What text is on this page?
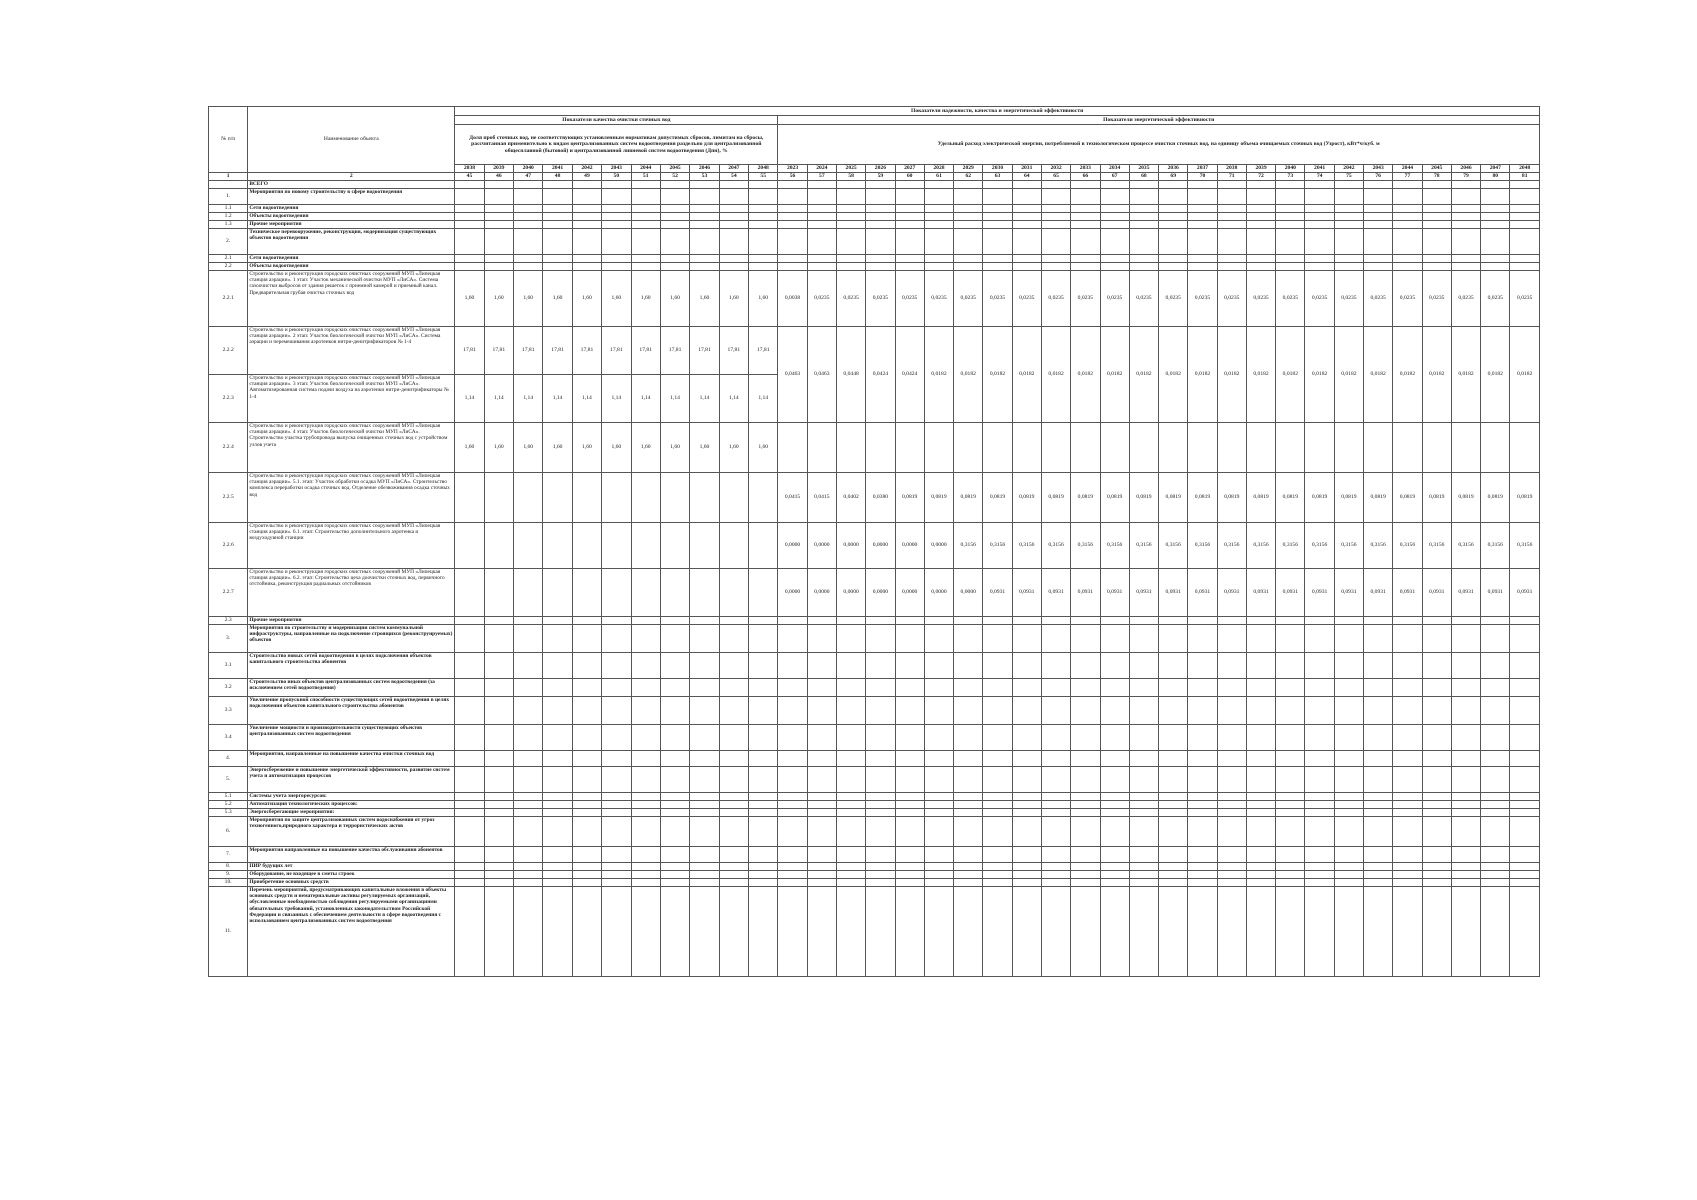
№ п/п	Наименование объекта	Показатели надежности, качества и энергетической эффективности																																				
		Показатели качества очистки сточных вод											Показатели энергетической эффективности																									
		Доля проб сточных вод, не соответствующих установленным нормативам допустимых сбросов, лимитам на сбросы, рассчитанная применительно к видам централизованных систем водоотведения раздельно для централизованной общесплавной (бытовой) и централизованной ливневой систем водоотведения (Дпн), %											Удельный расход электрической энергии, потребляемой в технологическом процессе очистки сточных вод, на единицу объема очищаемых сточных вод (Узрост), кВт*ч/куб. м																									
		2038	2039	2040	2041	2042	2043	2044	2045	2046	2047	2048	2023	2024	2025	2026	2027	2028	2029	2030	2031	2032	2033	2034	2035	2036	2037	2038	2039	2040	2041	2042	2043	2044	2045	2046	2047	2048
1	2	45	46	47	48	49	50	51	52	53	54	55	56	57	58	59	60	61	62	63	64	65	66	67	68	69	70	71	72	73	74	75	76	77	78	79	80	81
	ВСЕГО																																					
1.	Мероприятия по новому строительству в сфере водоотведения																																					
1.1	Сети водоотведения																																					
1.2	Объекты водоотведения																																					
1.3	Прочие мероприятия																																					
2.	Техническое перевооружение, реконструкция, модернизация существующих объектов водоотведения																																					
2.1	Сети водоотведения																																					
2.2	Объекты водоотведения																																					
2.2.1	Строительство и реконструкция городских очистных сооружений МУП «Липецкая станция аэрации». 1 этап: Участок механической очистки МУП «ЛиСА». Система газоочистки выбросов от здания решеток с приемной камерой и приемный канал. Предварительная грубая очистка сточных вод	1,60	1,60	1,60	1,60	1,60	1,60	1,60	1,60	1,60	1,60	1,60	0,0038	0,0235	0,0235	0,0235	0,0235	0,0235	0,0235	0,0235	0,0235	0,0235	0,0235	0,0235	0,0235	0,0235	0,0235	0,0235	0,0235	0,0235	0,0235	0,0235	0,0235	0,0235	0,0235	0,0235	0,0235	0,0235
2.2.2	Строительство и реконструкция городских очистных сооружений МУП «Липецкая станция аэрации». 2 этап: Участок биологической очистки МУП «ЛиСА». Система аэрации и перемешивания аэротенков нитри-денитрификаторов № 1-4	17,81	17,81	17,81	17,81	17,81	17,81	17,81	17,81	17,81	17,81	17,81	0,0463	0,0463	0,0448	0,0424	0,0424	0,0182	0,0182	0,0182	0,0182	0,0182	0,0182	0,0182	0,0182	0,0182	0,0182	0,0182	0,0182	0,0182	0,0182	0,0182	0,0182	0,0182	0,0182	0,0182	0,0182	0,0182
2.2.3	Строительство и реконструкция городских очистных сооружений МУП «Липецкая станция аэрации». 3 этап: Участок биологической очистки МУП «ЛиСА». Автоматизированная система подачи воздуха на аэротенки нитри-денитрификаторы № 1-4	1,14	1,14	1,14	1,14	1,14	1,14	1,14	1,14	1,14	1,14	1,14																										
2.2.4	Строительство и реконструкция городских очистных сооружений МУП «Липецкая станция аэрации». 4 этап: Участок биологической очистки МУП «ЛиСА». Строительство участка трубопровода выпуска очищенных сточных вод с устройством узлов учета	1,60	1,60	1,60	1,60	1,60	1,60	1,60	1,60	1,60	1,60	1,60																										
2.2.5	Строительство и реконструкция городских очистных сооружений МУП «Липецкая станция аэрации». 5.1. этап: Участок обработки осадка МУП «ЛиСА». Строительство комплекса переработки осадка сточных вод. Отделение обезвоживания осадка сточных вод												0,0415	0,0415	0,0402	0,0380	0,0819	0,0819	0,0819	0,0819	0,0819	0,0819	0,0819	0,0819	0,0819	0,0819	0,0819	0,0819	0,0819	0,0819	0,0819	0,0819	0,0819	0,0819	0,0819	0,0819	0,0819	0,0819
2.2.6	Строительство и реконструкция городских очистных сооружений МУП «Липецкая станция аэрации». 6.1. этап: Строительство дополнительного аэротенка и воздуходувной станции												0,0000	0,0000	0,0000	0,0000	0,0000	0,0000	0,3156	0,3156	0,3156	0,3156	0,3156	0,3156	0,3156	0,3156	0,3156	0,3156	0,3156	0,3156	0,3156	0,3156	0,3156	0,3156	0,3156	0,3156	0,3156	0,3156
2.2.7	Строительство и реконструкция городских очистных сооружений МУП «Липецкая станция аэрации». 6.2. этап: Строительство цеха доочистки сточных вод, первичного отстойника, реконструкция радиальных отстойников												0,0000	0,0000	0,0000	0,0000	0,0000	0,0000	0,0000	0,0931	0,0931	0,0931	0,0931	0,0931	0,0931	0,0931	0,0931	0,0931	0,0931	0,0931	0,0931	0,0931	0,0931	0,0931	0,0931	0,0931	0,0931	0,0931
2.3	Прочие мероприятия																																					
3.	Мероприятия по строительству и модернизации систем коммунальной инфраструктуры, направленные на подключение строящихся (реконструируемых) объектов																																					
3.1	Строительство новых сетей водоотведения в целях подключения объектов капитального строительства абонентов																																					
3.2	Строительство иных объектов централизованных систем водоотведения (за исключением сетей водоотведения)																																					
3.3	Увеличение пропускной способности существующих сетей водоотведения в целях подключения объектов капитального строительства абонентов																																					
3.4	Увеличение мощности и производительности существующих объектов централизованных систем водоотведения																																					
4.	Мероприятия, направленные на повышение качества очистки сточных вод																																					
5.	Энергосбережение и повышение энергетической эффективности, развитие систем учета и автоматизация процессов																																					
5.1	Системы учета энергоресурсов:																																					
5.2	Автоматизация технологических процессов:																																					
5.3	Энергосберегающие мероприятия:																																					
6.	Мероприятия по защите централизованных систем водоснабжения от угроз техногенного,природного характера и террористических актов																																					
7.	Мероприятия направленные на повышение качества обслуживания абонентов																																					
8.	ПИР будущих лет																																					
9.	Оборудование, не входящее в сметы строек																																					
10.	Приобретение основных средств																																					
11.	Перечень мероприятий, предусматривающих капитальные вложения в объекты основных средств и нематериальные активы регулируемых организаций, обусловленные необходимостью соблюдения регулируемыми организациями обязательных требований, установленных законодательством Российской Федерации и связанных с обеспечением деятельности в сфере водоотведения с использованием централизованных систем водоотведения																																					
